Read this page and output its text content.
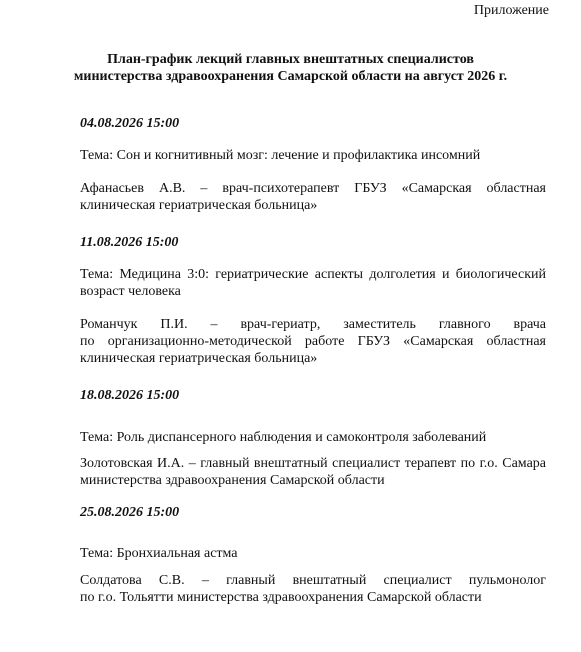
Приложение
План-график лекций главных внештатных специалистов
министерства здравоохранения Самарской области на август 2026 г.
04.08.2026 15:00
Тема: Сон и когнитивный мозг: лечение и профилактика инсомний
Афанасьев А.В. – врач-психотерапевт ГБУЗ «Самарская областная
клиническая гериатрическая больница»
11.08.2026 15:00
Тема: Медицина 3:0: гериатрические аспекты долголетия и биологический
возраст человека
Романчук П.И. – врач-гериатр, заместитель главного врача
по организационно-методической работе ГБУЗ «Самарская областная
клиническая гериатрическая больница»
18.08.2026 15:00
Тема: Роль диспансерного наблюдения и самоконтроля заболеваний
Золотовская И.А. – главный внештатный специалист терапевт по г.о. Самара
министерства здравоохранения Самарской области
25.08.2026 15:00
Тема: Бронхиальная астма
Солдатова С.В. – главный внештатный специалист пульмонолог
по г.о. Тольятти министерства здравоохранения Самарской области
